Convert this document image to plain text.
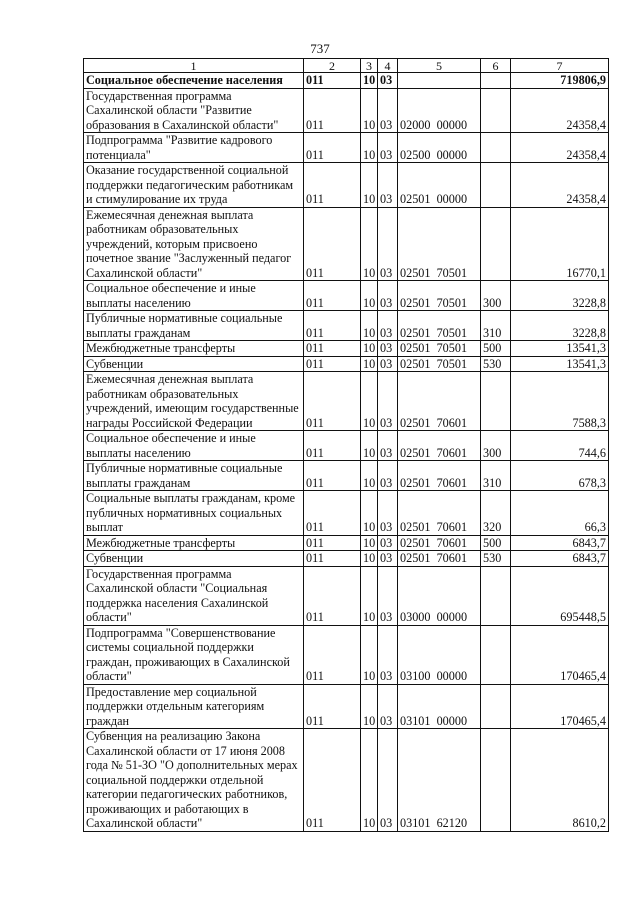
737
1	2	3	4	5	6	7
Социальное обеспечение населения	011	10	03			719806,9
Государственная программа Сахалинской области "Развитие образования в Сахалинской области"	011	10	03	02000  00000		24358,4
Подпрограмма "Развитие кадрового потенциала"	011	10	03	02500  00000		24358,4
Оказание государственной социальной поддержки педагогическим работникам и стимулирование их труда	011	10	03	02501  00000		24358,4
Ежемесячная денежная выплата работникам образовательных учреждений, которым присвоено почетное звание "Заслуженный педагог Сахалинской области"	011	10	03	02501  70501		16770,1
Социальное обеспечение и иные выплаты населению	011	10	03	02501  70501	300	3228,8
Публичные нормативные социальные выплаты гражданам	011	10	03	02501  70501	310	3228,8
Межбюджетные трансферты	011	10	03	02501  70501	500	13541,3
Субвенции	011	10	03	02501  70501	530	13541,3
Ежемесячная денежная выплата работникам образовательных учреждений, имеющим государственные награды Российской Федерации	011	10	03	02501  70601		7588,3
Социальное обеспечение и иные выплаты населению	011	10	03	02501  70601	300	744,6
Публичные нормативные социальные выплаты гражданам	011	10	03	02501  70601	310	678,3
Социальные выплаты гражданам, кроме публичных нормативных социальных выплат	011	10	03	02501  70601	320	66,3
Межбюджетные трансферты	011	10	03	02501  70601	500	6843,7
Субвенции	011	10	03	02501  70601	530	6843,7
Государственная программа Сахалинской области "Социальная поддержка населения Сахалинской области"	011	10	03	03000  00000		695448,5
Подпрограмма "Совершенствование системы социальной поддержки граждан, проживающих в Сахалинской области"	011	10	03	03100  00000		170465,4
Предоставление мер социальной поддержки отдельным категориям граждан	011	10	03	03101  00000		170465,4
Субвенция на реализацию Закона Сахалинской области от 17 июня 2008 года № 51-ЗО "О дополнительных мерах социальной поддержки отдельной категории педагогических работников, проживающих и работающих в Сахалинской области"	011	10	03	03101  62120		8610,2
